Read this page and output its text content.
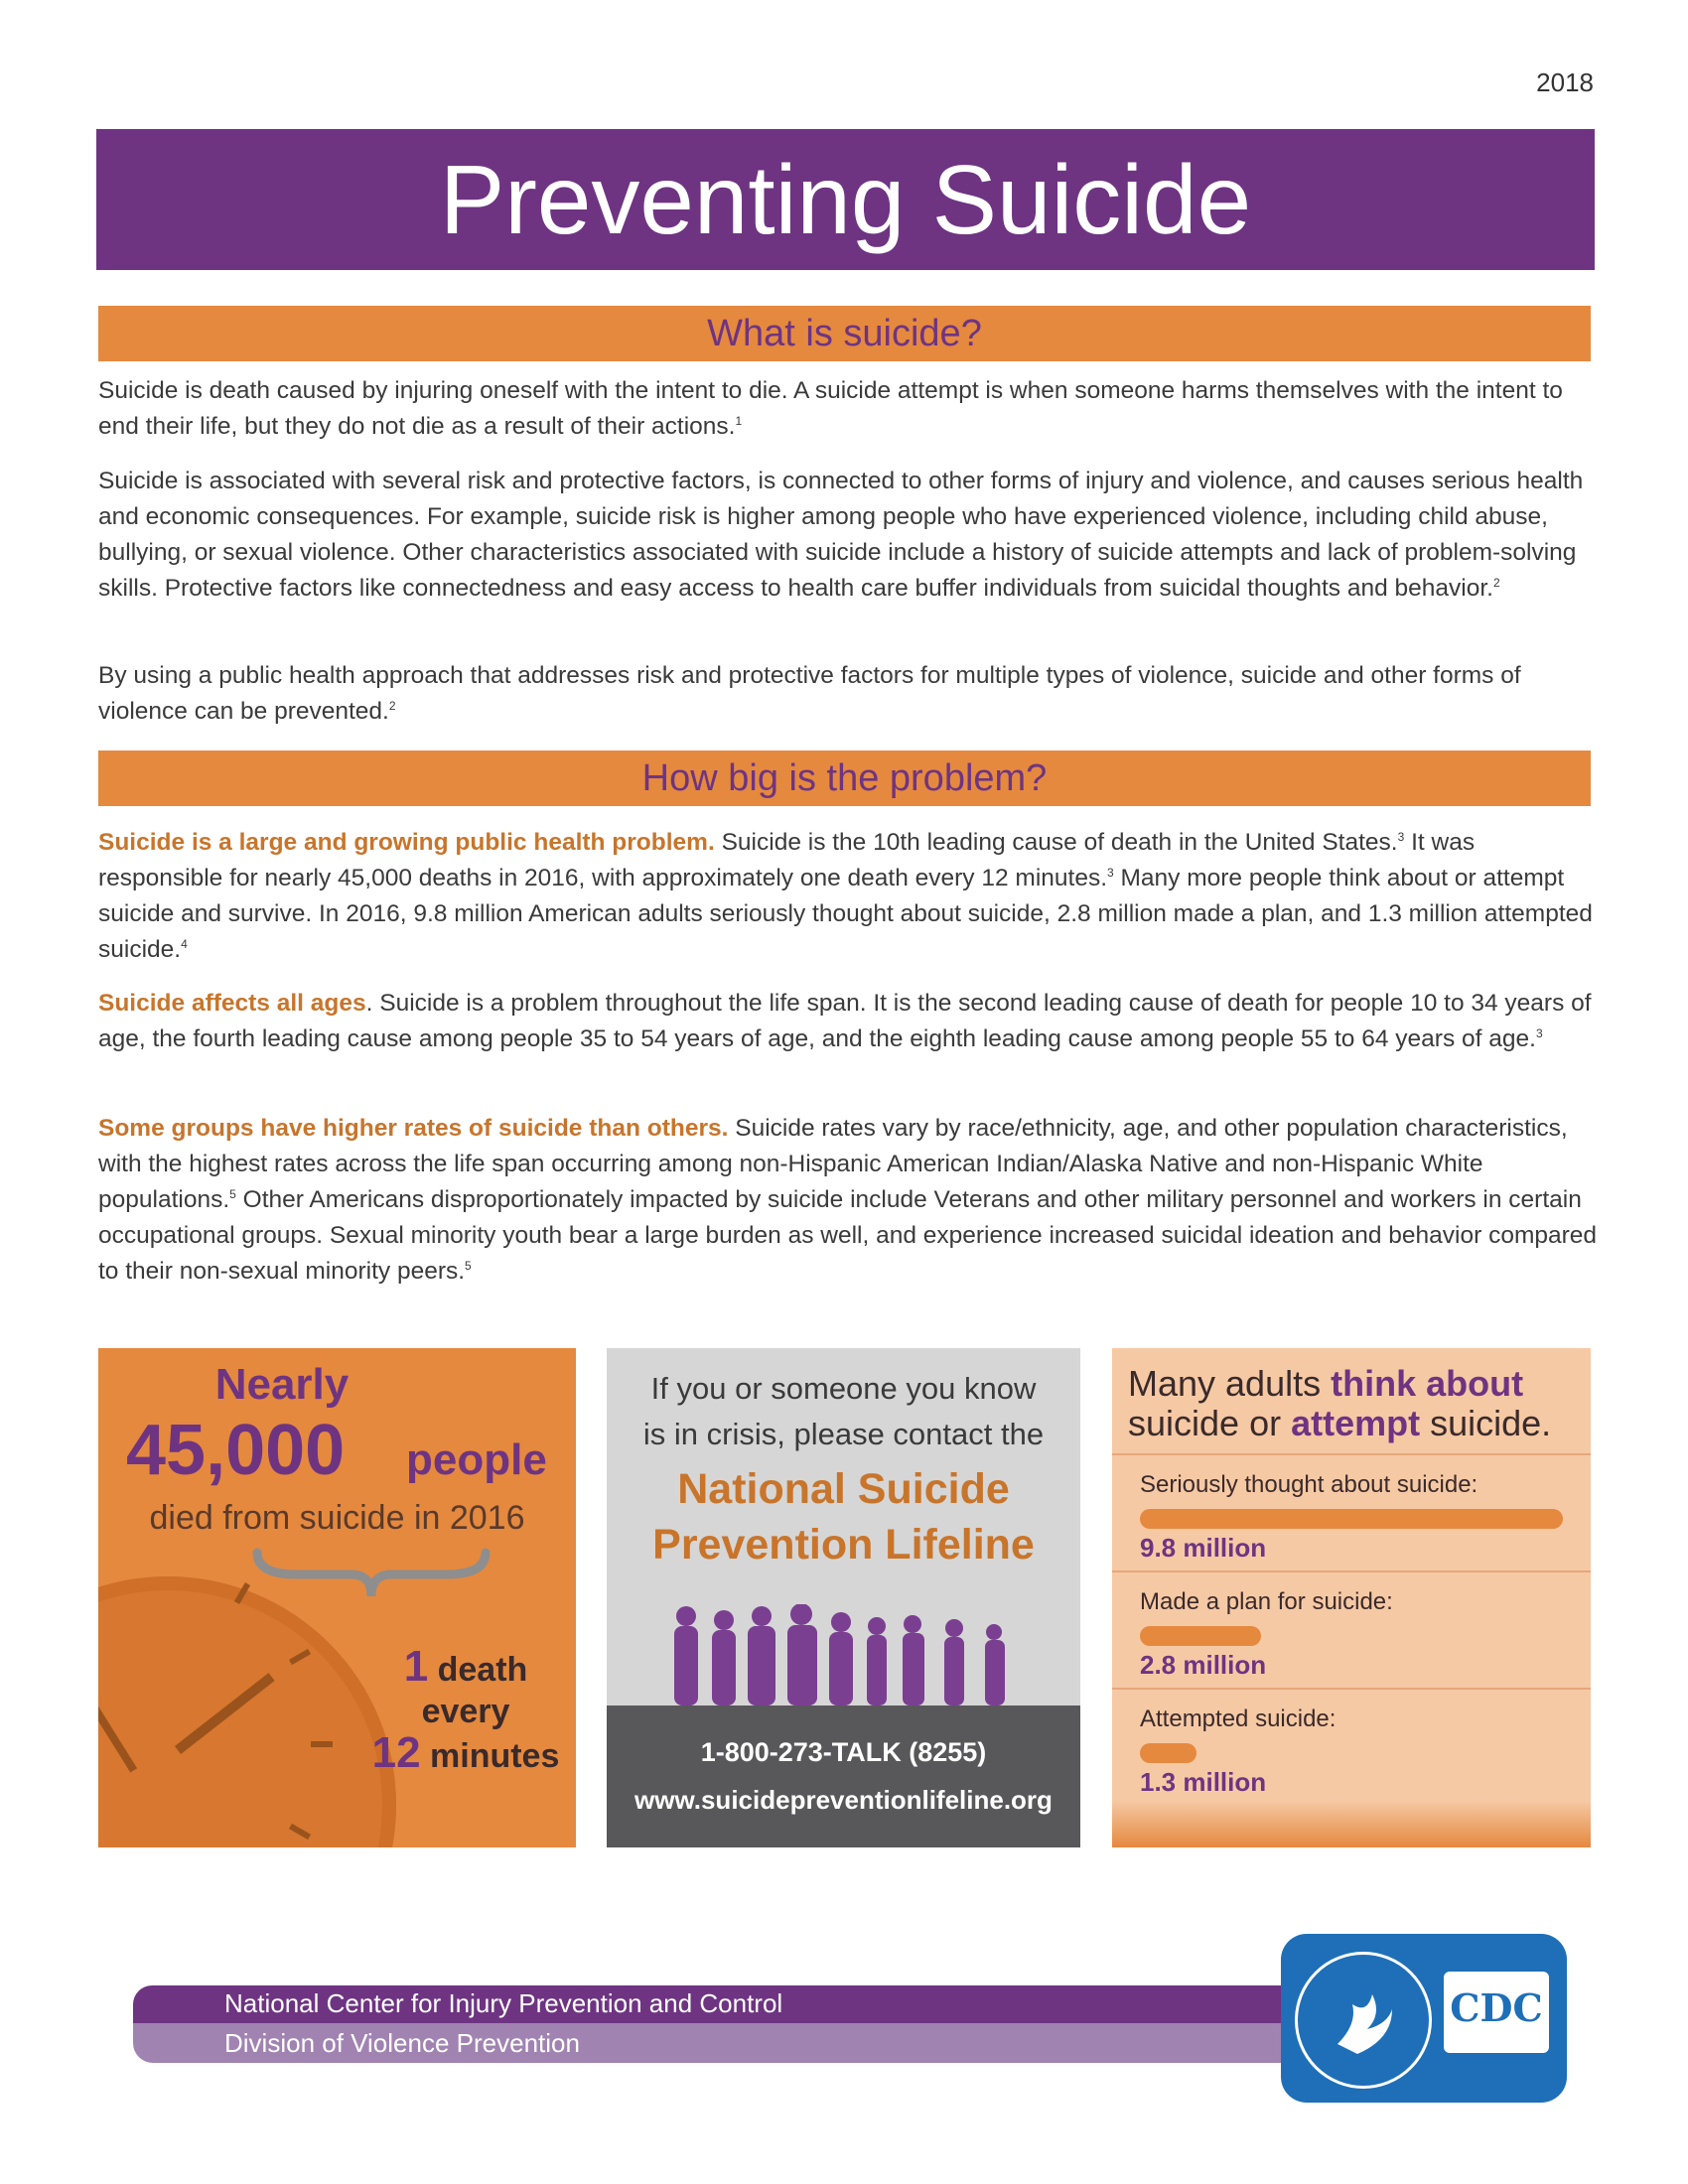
2018
Preventing Suicide
What is suicide?
Suicide is death caused by injuring oneself with the intent to die. A suicide attempt is when someone harms themselves with the intent to end their life, but they do not die as a result of their actions.$^1$
Suicide is associated with several risk and protective factors, is connected to other forms of injury and violence, and causes serious health and economic consequences. For example, suicide risk is higher among people who have experienced violence, including child abuse, bullying, or sexual violence. Other characteristics associated with suicide include a history of suicide attempts and lack of problem-solving skills. Protective factors like connectedness and easy access to health care buffer individuals from suicidal thoughts and behavior.$^2$
By using a public health approach that addresses risk and protective factors for multiple types of violence, suicide and other forms of violence can be prevented.$^2$
How big is the problem?
Suicide is a large and growing public health problem. Suicide is the 10th leading cause of death in the United States.$^3$ It was responsible for nearly 45,000 deaths in 2016, with approximately one death every 12 minutes.$^3$ Many more people think about or attempt suicide and survive. In 2016, 9.8 million American adults seriously thought about suicide, 2.8 million made a plan, and 1.3 million attempted suicide.$^4$
Suicide affects all ages. Suicide is a problem throughout the life span. It is the second leading cause of death for people 10 to 34 years of age, the fourth leading cause among people 35 to 54 years of age, and the eighth leading cause among people 55 to 64 years of age.$^3$
Some groups have higher rates of suicide than others. Suicide rates vary by race/ethnicity, age, and other population characteristics, with the highest rates across the life span occurring among non-Hispanic American Indian/Alaska Native and non-Hispanic White populations.$^5$ Other Americans disproportionately impacted by suicide include Veterans and other military personnel and workers in certain occupational groups. Sexual minority youth bear a large burden as well, and experience increased suicidal ideation and behavior compared to their non-sexual minority peers.$^5$
Nearly
45,000 people
died from suicide in 2016
1 death
every
12 minutes
If you or someone you know
is in crisis, please contact the
National Suicide
Prevention Lifeline
1-800-273-TALK (8255)
www.suicidepreventionlifeline.org
Many adults think about
suicide or attempt suicide.
Seriously thought about suicide:
9.8 million
Made a plan for suicide:
2.8 million
Attempted suicide:
1.3 million
National Center for Injury Prevention and Control
Division of Violence Prevention
CDC
